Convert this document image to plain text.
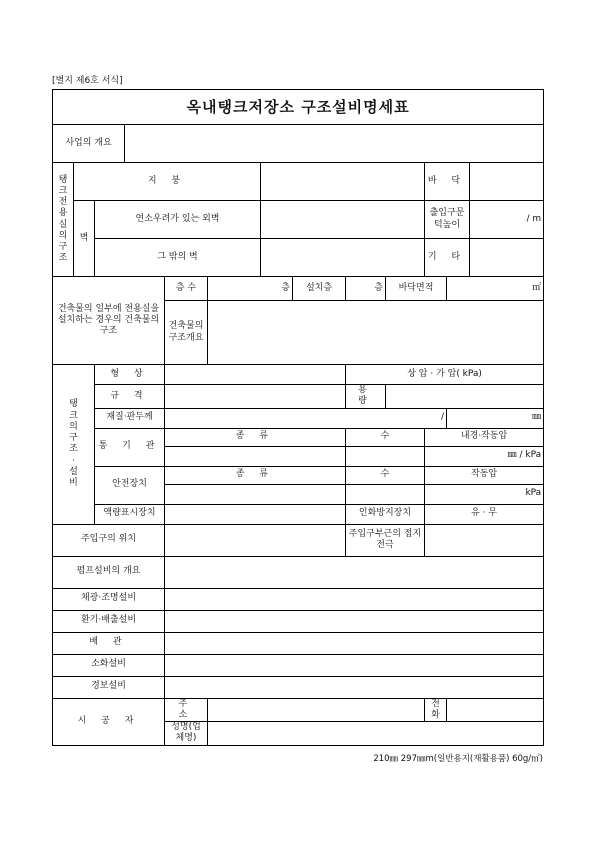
[별지 제6호 서식]
옥내탱크저장소 구조설비명세표												
사업의 개요												

탱크전용실의구조	지 붕									바 닥		
	벽	연소우려가 있는 외벽								출입구문턱높이		/ m
		그 밖의 벽								기 타		
건축물의 일부에 전용실을 설치하는 경우의 건축물의 구조				층 수	층		설치층	층	바닥면적		㎡	
				건축물의 구조개요								

탱크의구조·설비		형 상						상 압 · 가 압( kPa)				
		규 격						용 량				
		재질·판두께		/							㎜	
		통 기 관		종 류				수		내경·작동압		
										㎜ / kPa		
		안전장치		종 류				수		작동압		
										kPa		
		액량표시장치						인화방지장치		유 · 무		
주입구의 위치								주입구부근의 접지전극				
펌프설비의 개요												
채광·조명설비												
환기·배출설비												
배 관												
소화설비												
경보설비												
시 공 자				주 소						전화		
				성명(업체명)								
210㎜ 297㎜m(일반용지(재활용품) 60g/㎡)
